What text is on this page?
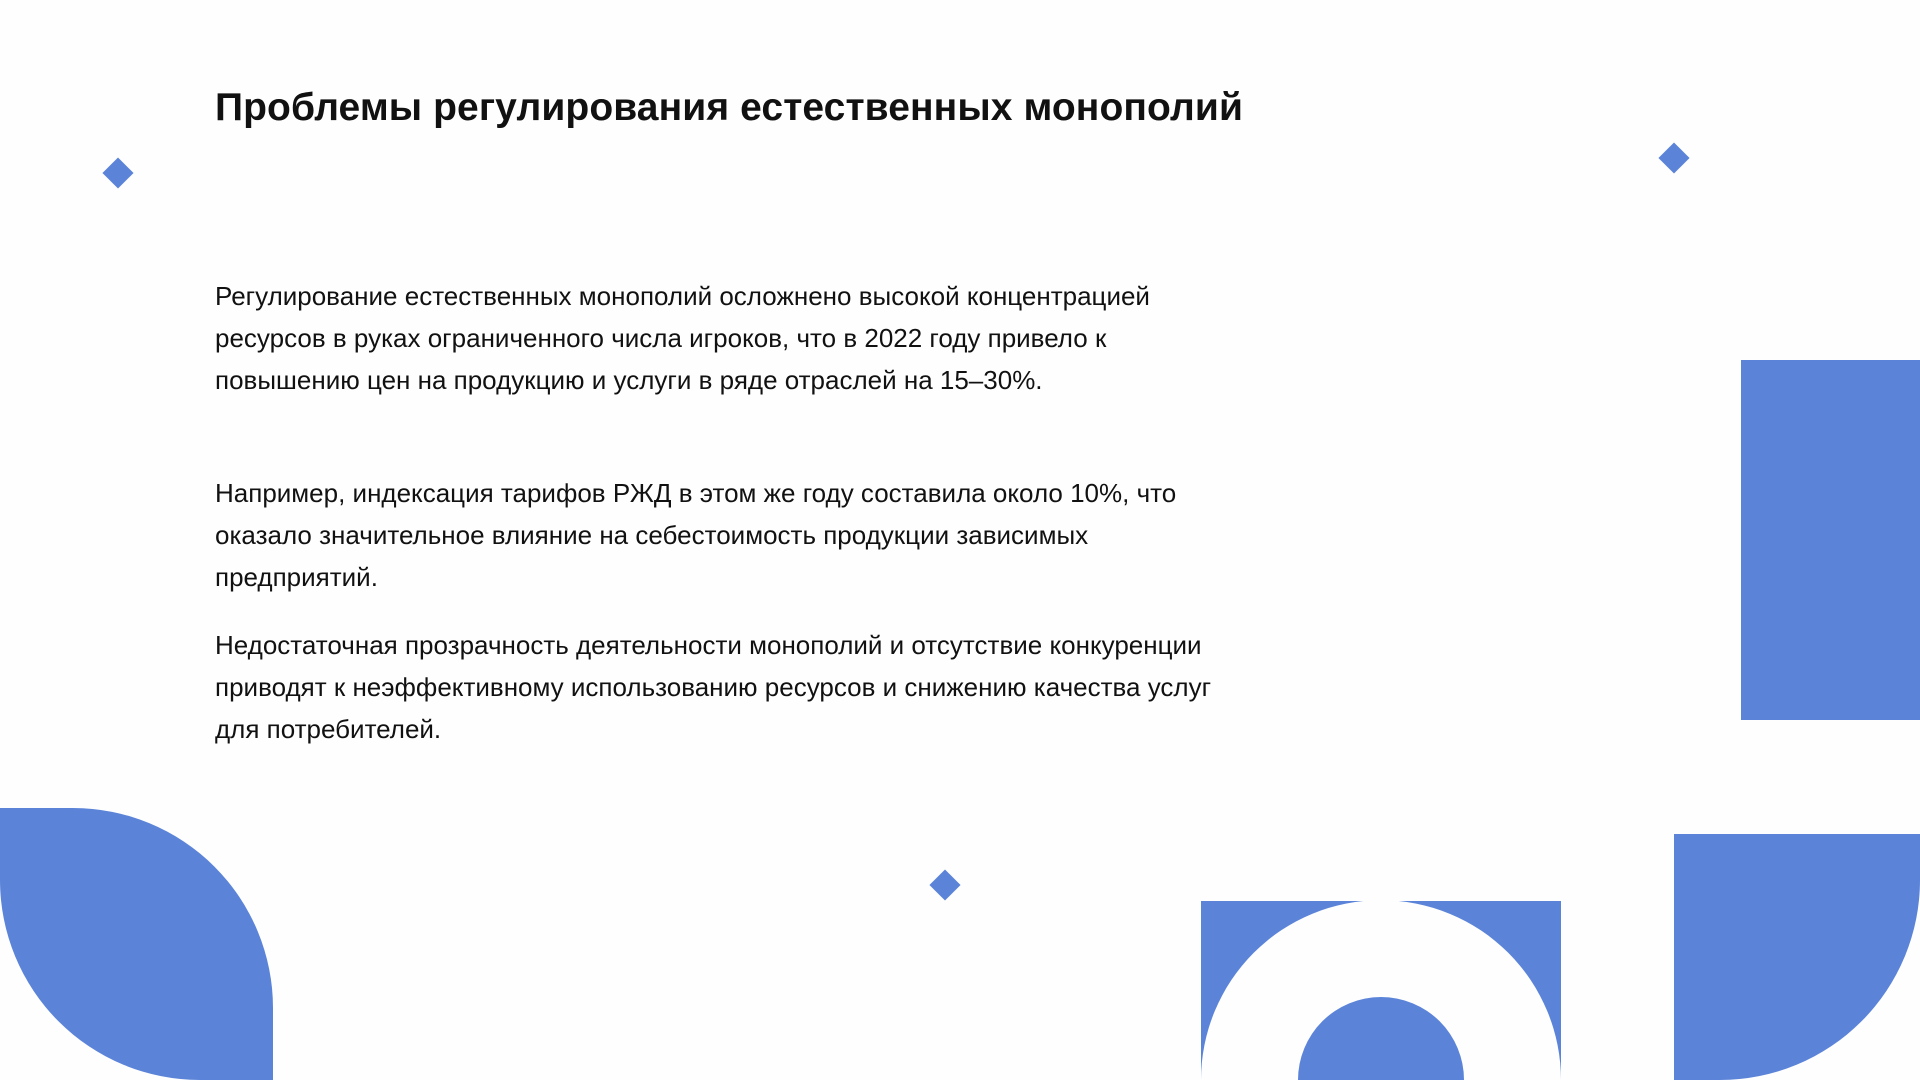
Проблемы регулирования естественных монополий

Регулирование естественных монополий осложнено высокой концентрацией ресурсов в руках ограниченного числа игроков, что в 2022 году привело к повышению цен на продукцию и услуги в ряде отраслей на 15–30%.

Например, индексация тарифов РЖД в этом же году составила около 10%, что оказало значительное влияние на себестоимость продукции зависимых предприятий.

Недостаточная прозрачность деятельности монополий и отсутствие конкуренции приводят к неэффективному использованию ресурсов и снижению качества услуг для потребителей.
